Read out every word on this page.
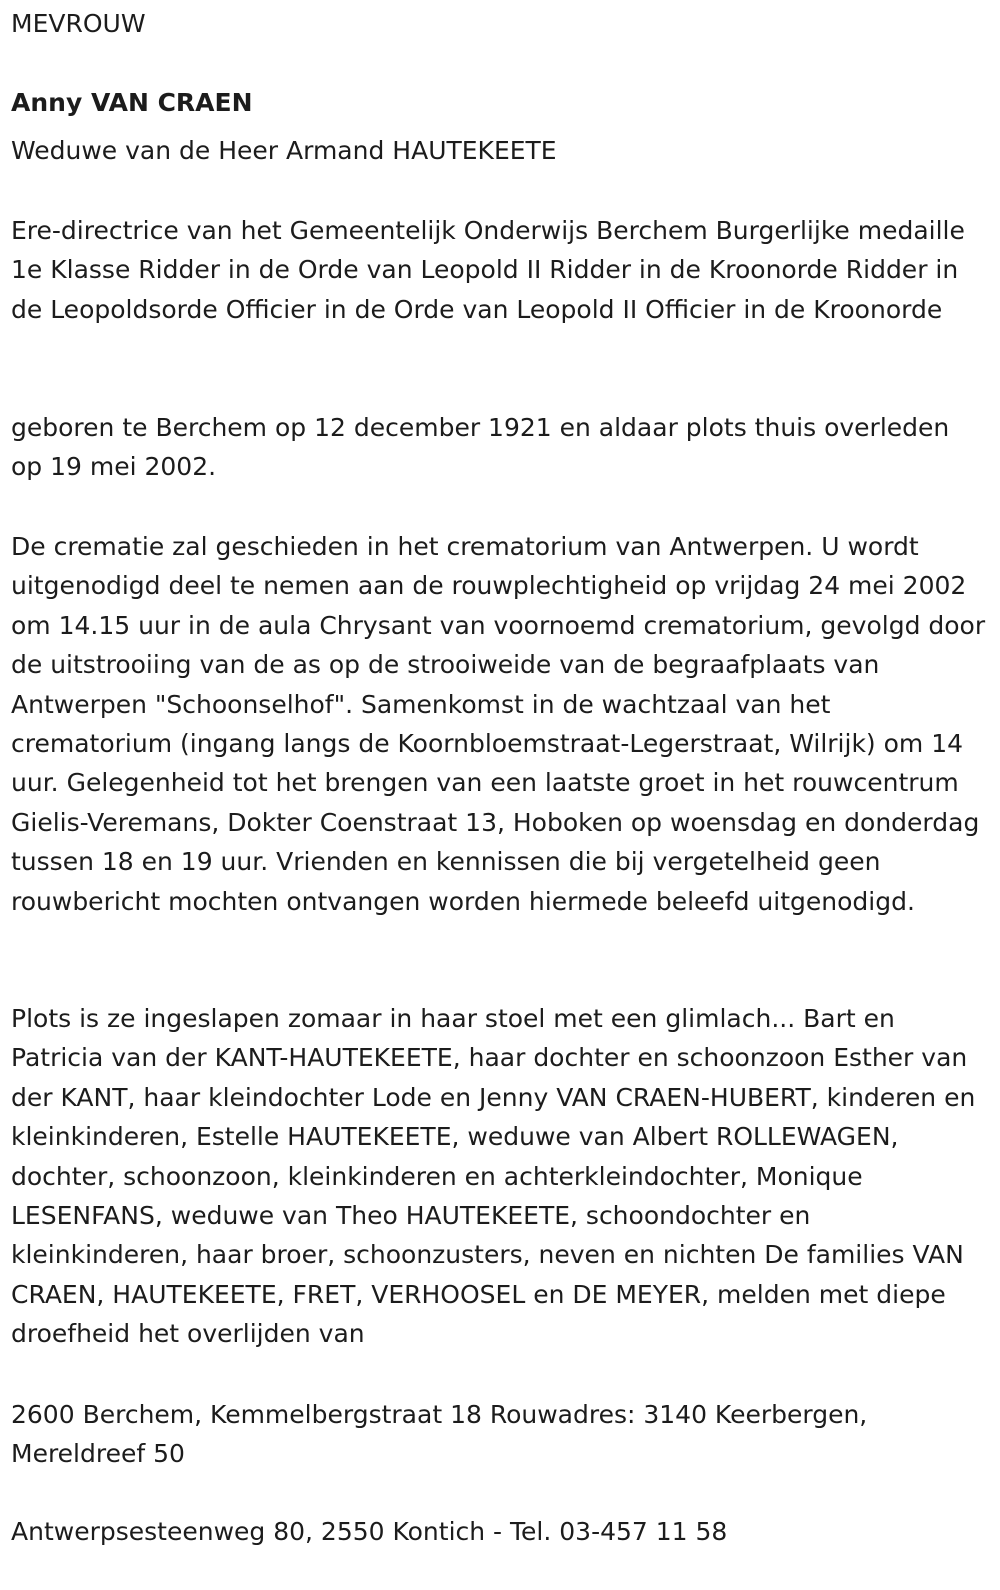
MEVROUW

Anny VAN CRAEN

Weduwe van de Heer Armand HAUTEKEETE

Ere-directrice van het Gemeentelijk Onderwijs Berchem Burgerlijke medaille 1e Klasse Ridder in de Orde van Leopold II Ridder in de Kroonorde Ridder in de Leopoldsorde Officier in de Orde van Leopold II Officier in de Kroonorde

geboren te Berchem op 12 december 1921 en aldaar plots thuis overleden op 19 mei 2002.

De crematie zal geschieden in het crematorium van Antwerpen. U wordt uitgenodigd deel te nemen aan de rouwplechtigheid op vrijdag 24 mei 2002 om 14.15 uur in de aula Chrysant van voornoemd crematorium, gevolgd door de uitstrooiing van de as op de strooiweide van de begraafplaats van Antwerpen "Schoonselhof". Samenkomst in de wachtzaal van het crematorium (ingang langs de Koornbloemstraat-Legerstraat, Wilrijk) om 14 uur. Gelegenheid tot het brengen van een laatste groet in het rouwcentrum Gielis-Veremans, Dokter Coenstraat 13, Hoboken op woensdag en donderdag tussen 18 en 19 uur. Vrienden en kennissen die bij vergetelheid geen rouwbericht mochten ontvangen worden hiermede beleefd uitgenodigd.

Plots is ze ingeslapen zomaar in haar stoel met een glimlach... Bart en Patricia van der KANT-HAUTEKEETE, haar dochter en schoonzoon Esther van der KANT, haar kleindochter Lode en Jenny VAN CRAEN-HUBERT, kinderen en kleinkinderen, Estelle HAUTEKEETE, weduwe van Albert ROLLEWAGEN, dochter, schoonzoon, kleinkinderen en achterkleindochter, Monique LESENFANS, weduwe van Theo HAUTEKEETE, schoondochter en kleinkinderen, haar broer, schoonzusters, neven en nichten De families VAN CRAEN, HAUTEKEETE, FRET, VERHOOSEL en DE MEYER, melden met diepe droefheid het overlijden van

2600 Berchem, Kemmelbergstraat 18 Rouwadres: 3140 Keerbergen, Mereldreef 50

Antwerpsesteenweg 80, 2550 Kontich - Tel. 03-457 11 58
